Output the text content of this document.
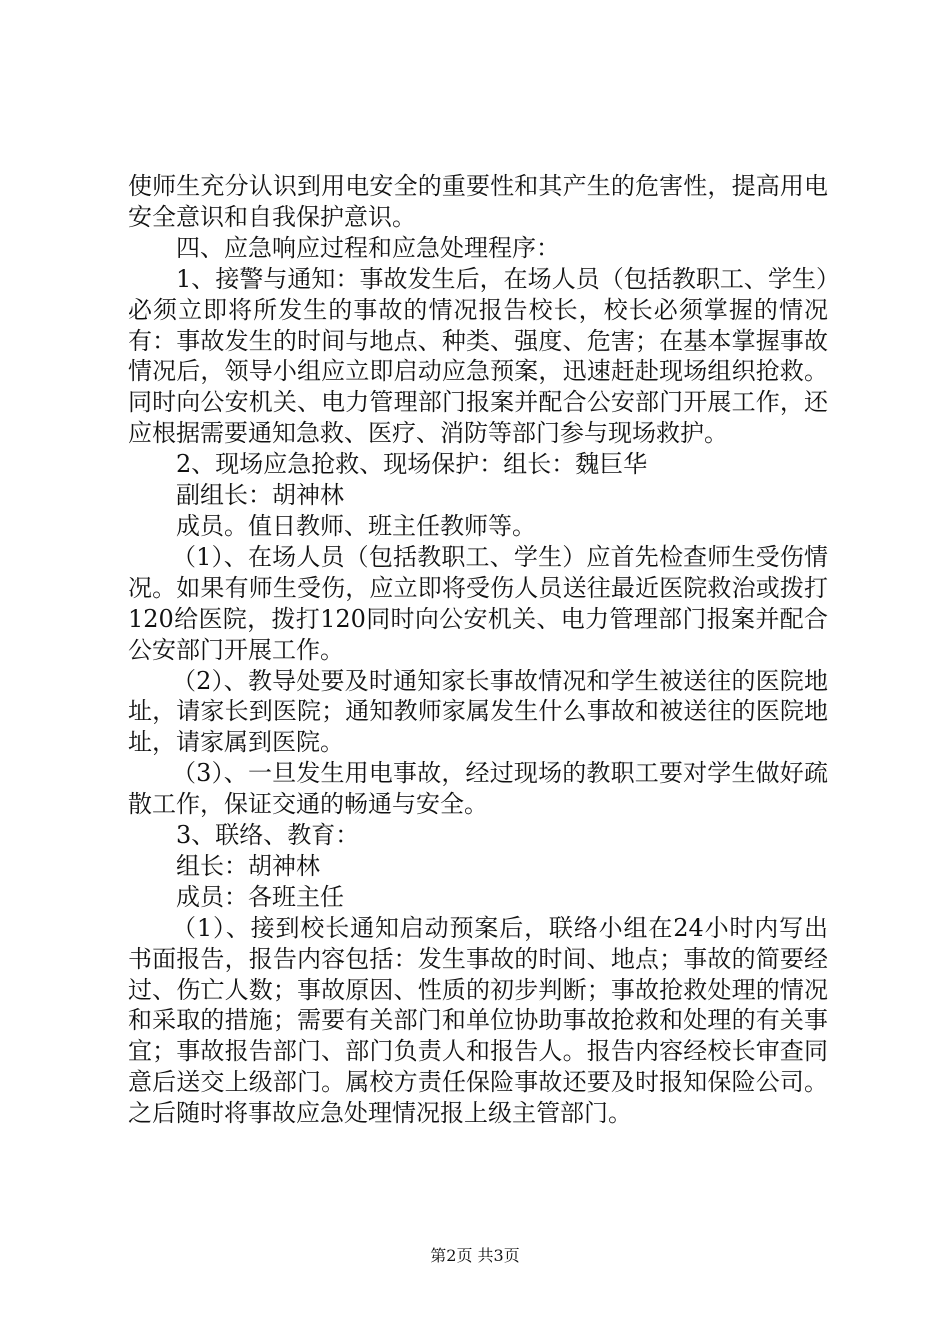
使师生充分认识到用电安全的重要性和其产生的危害性，提高用电安全意识和自我保护意识。

四、应急响应过程和应急处理程序：

1、接警与通知：事故发生后，在场人员（包括教职工、学生）必须立即将所发生的事故的情况报告校长，校长必须掌握的情况有：事故发生的时间与地点、种类、强度、危害；在基本掌握事故情况后，领导小组应立即启动应急预案，迅速赶赴现场组织抢救。同时向公安机关、电力管理部门报案并配合公安部门开展工作，还应根据需要通知急救、医疗、消防等部门参与现场救护。

2、现场应急抢救、现场保护：组长：魏巨华

副组长：胡神林

成员。值日教师、班主任教师等。

（1）、在场人员（包括教职工、学生）应首先检查师生受伤情况。如果有师生受伤，应立即将受伤人员送往最近医院救治或拨打120给医院，拨打120同时向公安机关、电力管理部门报案并配合公安部门开展工作。

（2）、教导处要及时通知家长事故情况和学生被送往的医院地址，请家长到医院；通知教师家属发生什么事故和被送往的医院地址，请家属到医院。

（3）、一旦发生用电事故，经过现场的教职工要对学生做好疏散工作，保证交通的畅通与安全。

3、联络、教育：

组长：胡神林

成员：各班主任

（1）、接到校长通知启动预案后，联络小组在24小时内写出书面报告，报告内容包括：发生事故的时间、地点；事故的简要经过、伤亡人数；事故原因、性质的初步判断；事故抢救处理的情况和采取的措施；需要有关部门和单位协助事故抢救和处理的有关事宜；事故报告部门、部门负责人和报告人。报告内容经校长审查同意后送交上级部门。属校方责任保险事故还要及时报知保险公司。之后随时将事故应急处理情况报上级主管部门。

第2页 共3页
